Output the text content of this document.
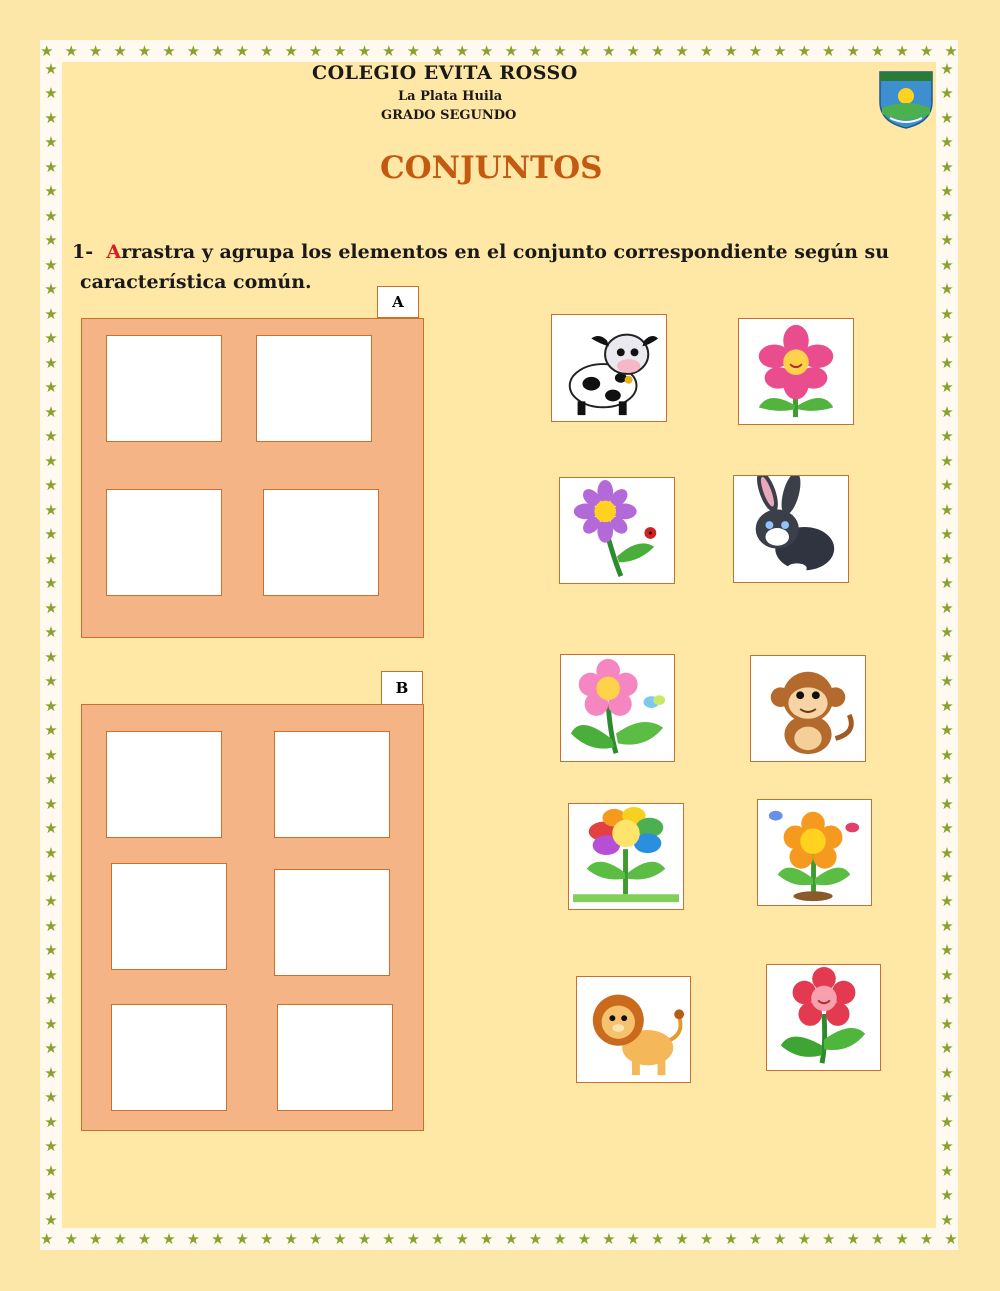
★ ★ ★ ★ ★ ★ ★ ★ ★ ★ ★ ★ ★ ★ ★ ★ ★ ★ ★ ★ ★ ★ ★ ★ ★ ★ ★ ★ ★ ★ ★ ★ ★ ★ ★ ★ ★ ★
★ ★ ★ ★ ★ ★ ★ ★ ★ ★ ★ ★ ★ ★ ★ ★ ★ ★ ★ ★ ★ ★ ★ ★ ★ ★ ★ ★ ★ ★ ★ ★ ★ ★ ★ ★ ★ ★
★
★
★
★
★
★
★
★
★
★
★
★
★
★
★
★
★
★
★
★
★
★
★
★
★
★
★
★
★
★
★
★
★
★
★
★
★
★
★
★
★
★
★
★
★
★
★
★
★
★
★
★
★
★
★
★
★
★
★
★
★
★
★
★
★
★
★
★
★
★
★
★
★
★
★
★
★
★
★
★
★
★
★
★
★
★
★
★
★
★
★
★
★
★
★
★
COLEGIO EVITA ROSSO
La Plata Huila
GRADO SEGUNDO
CONJUNTOS
1- Arrastra y agrupa los elementos en el conjunto correspondiente según su
característica común.
A
B
